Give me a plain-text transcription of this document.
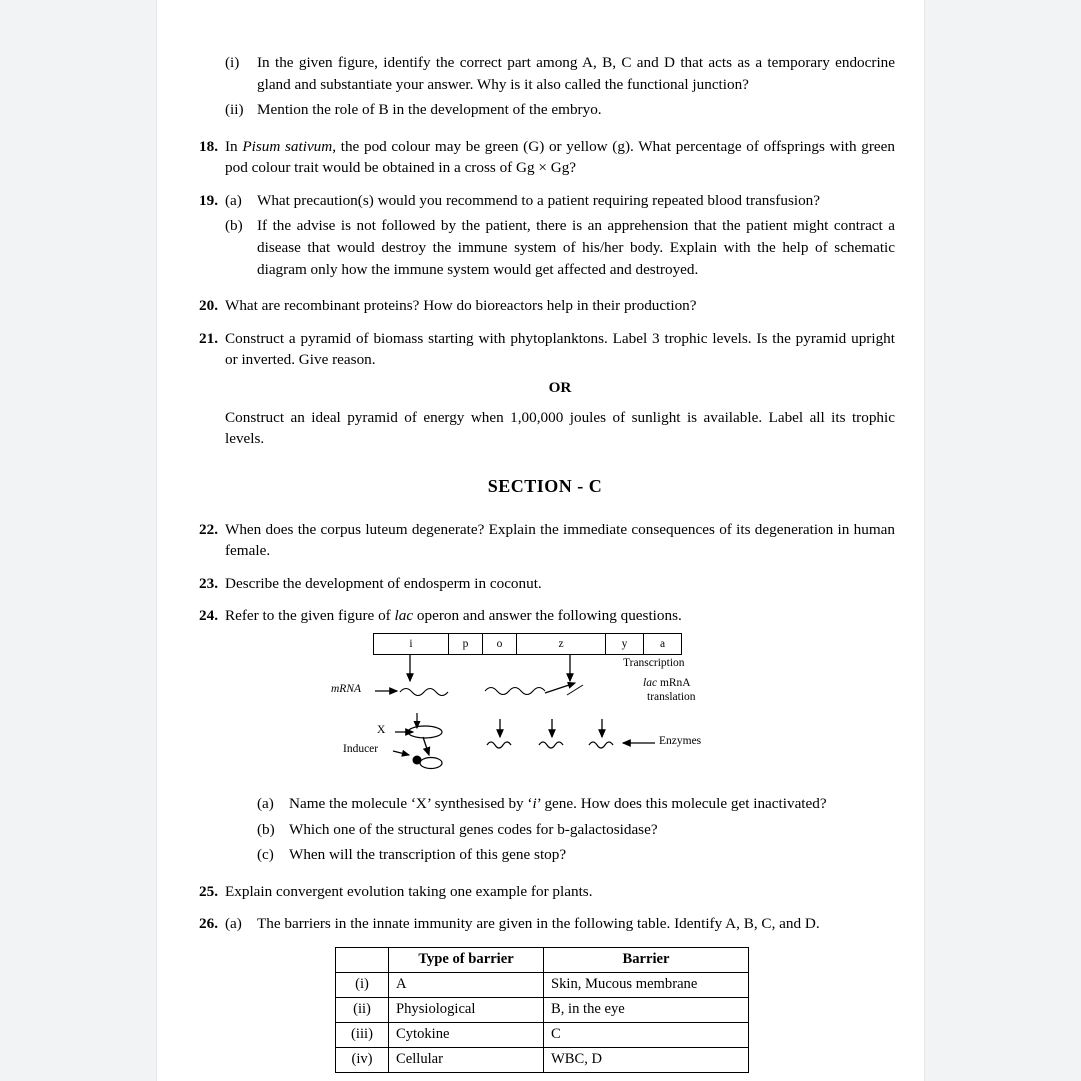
(i)	In the given figure, identify the correct part among A, B, C and D that acts as a temporary endocrine gland and substantiate your answer. Why is it also called the functional junction?
(ii) Mention the role of B in the development of the embryo.
18. In Pisum sativum, the pod colour may be green (G) or yellow (g). What percentage of offsprings with green pod colour trait would be obtained in a cross of Gg × Gg?
19. (a) What precaution(s) would you recommend to a patient requiring repeated blood transfusion?
(b) If the advise is not followed by the patient, there is an apprehension that the patient might contract a disease that would destroy the immune system of his/her body. Explain with the help of schematic diagram only how the immune system would get affected and destroyed.
20. What are recombinant proteins? How do bioreactors help in their production?
21. Construct a pyramid of biomass starting with phytoplanktons. Label 3 trophic levels. Is the pyramid upright or inverted. Give reason.
OR
Construct an ideal pyramid of energy when 1,00,000 joules of sunlight is available. Label all its trophic levels.
SECTION - C
22. When does the corpus luteum degenerate? Explain the immediate consequences of its degeneration in human female.
23. Describe the development of endosperm in coconut.
24. Refer to the given figure of lac operon and answer the following questions.
i	p	o	z	y	a
mRNA
X
Inducer
Transcription
lac mRnA
translation
Enzymes
(a) Name the molecule ‘X’ synthesised by ‘i’ gene. How does this molecule get inactivated?
(b) Which one of the structural genes codes for b-galactosidase?
(c) When will the transcription of this gene stop?
25. Explain convergent evolution taking one example for plants.
26. (a) The barriers in the innate immunity are given in the following table. Identify A, B, C, and D.
	Type of barrier	Barrier
(i)	A	Skin, Mucous membrane
(ii)	Physiological	B, in the eye
(iii)	Cytokine	C
(iv)	Cellular	WBC, D
